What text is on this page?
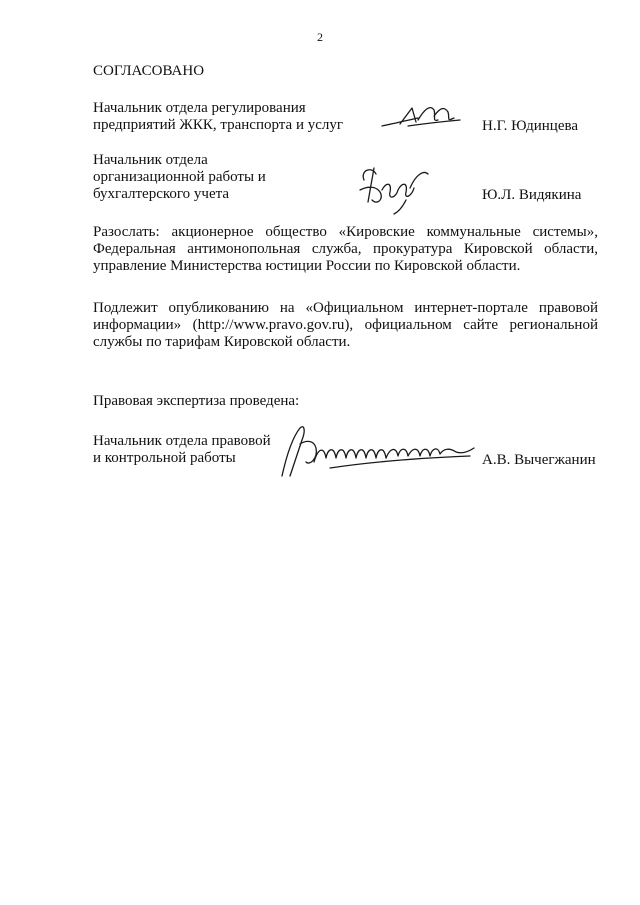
2
СОГЛАСОВАНО
Начальник отдела регулирования
предприятий ЖКК, транспорта и услуг	Н.Г. Юдинцева
Начальник отдела
организационной работы и
бухгалтерского учета	Ю.Л. Видякина
Разослать: акционерное общество «Кировские коммунальные системы», Федеральная антимонопольная служба, прокуратура Кировской области, управление Министерства юстиции России по Кировской области.
Подлежит опубликованию на «Официальном интернет-портале правовой информации» (http://www.pravo.gov.ru), официальном сайте региональной службы по тарифам Кировской области.
Правовая экспертиза проведена:
Начальник отдела правовой
и контрольной работы	А.В. Вычегжанин
